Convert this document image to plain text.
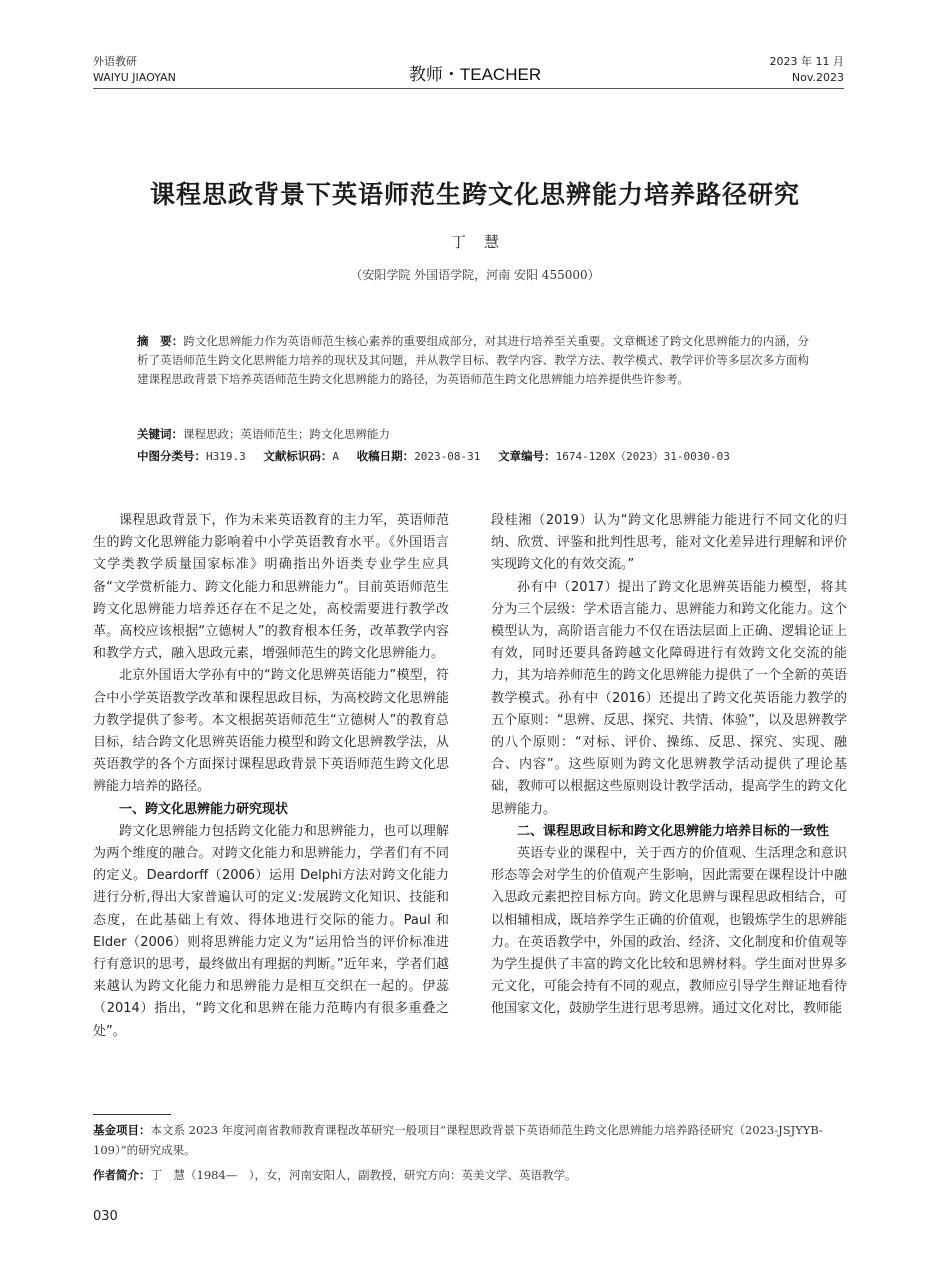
外语教研
WAIYU JIAOYAN	教师・TEACHER
2023 年 11 月
Nov.2023
课程思政背景下英语师范生跨文化思辨能力培养路径研究
丁慧
（安阳学院 外国语学院，河南 安阳 455000）
摘　要：跨文化思辨能力作为英语师范生核心素养的重要组成部分，对其进行培养至关重要。文章概述了跨文化思辨能力的内涵，分析了英语师范生跨文化思辨能力培养的现状及其问题，并从教学目标、教学内容、教学方法、教学模式、教学评价等多层次多方面构建课程思政背景下培养英语师范生跨文化思辨能力的路径，为英语师范生跨文化思辨能力培养提供些许参考。
关键词：课程思政；英语师范生；跨文化思辨能力
中图分类号：H319.3 文献标识码：A 收稿日期：2023-08-31 文章编号：1674-120X（2023）31-0030-03

课程思政背景下，作为未来英语教育的主力军，英语师范生的跨文化思辨能力影响着中小学英语教育水平。《外国语言文学类教学质量国家标准》明确指出外语类专业学生应具备“文学赏析能力、跨文化能力和思辨能力”。目前英语师范生跨文化思辨能力培养还存在不足之处，高校需要进行教学改革。高校应该根据“立德树人”的教育根本任务，改革教学内容和教学方式，融入思政元素，增强师范生的跨文化思辨能力。

北京外国语大学孙有中的“跨文化思辨英语能力”模型，符合中小学英语教学改革和课程思政目标，为高校跨文化思辨能力教学提供了参考。本文根据英语师范生“立德树人”的教育总目标，结合跨文化思辨英语能力模型和跨文化思辨教学法，从英语教学的各个方面探讨课程思政背景下英语师范生跨文化思辨能力培养的路径。

一、跨文化思辨能力研究现状

跨文化思辨能力包括跨文化能力和思辨能力，也可以理解为两个维度的融合。对跨文化能力和思辨能力，学者们有不同的定义。Deardorff（2006）运用 Delphi方法对跨文化能力进行分析,得出大家普遍认可的定义:发展跨文化知识、技能和态度，在此基础上有效、得体地进行交际的能力。Paul 和 Elder（2006）则将思辨能力定义为“运用恰当的评价标准进行有意识的思考，最终做出有理据的判断。”近年来，学者们越来越认为跨文化能力和思辨能力是相互交织在一起的。伊蕊（2014）指出，“跨文化和思辨在能力范畴内有很多重叠之处”。

段桂湘（2019）认为“跨文化思辨能力能进行不同文化的归纳、欣赏、评鉴和批判性思考，能对文化差异进行理解和评价实现跨文化的有效交流。”

孙有中（2017）提出了跨文化思辨英语能力模型，将其分为三个层级：学术语言能力、思辨能力和跨文化能力。这个模型认为，高阶语言能力不仅在语法层面上正确、逻辑论证上有效，同时还要具备跨越文化障碍进行有效跨文化交流的能力，其为培养师范生的跨文化思辨能力提供了一个全新的英语教学模式。孙有中（2016）还提出了跨文化英语能力教学的五个原则：“思辨、反思、探究、共情、体验”，以及思辨教学的八个原则：“对标、评价、操练、反思、探究、实现、融合、内容”。这些原则为跨文化思辨教学活动提供了理论基础，教师可以根据这些原则设计教学活动，提高学生的跨文化思辨能力。

二、课程思政目标和跨文化思辨能力培养目标的一致性

英语专业的课程中，关于西方的价值观、生活理念和意识形态等会对学生的价值观产生影响，因此需要在课程设计中融入思政元素把控目标方向。跨文化思辨与课程思政相结合，可以相辅相成，既培养学生正确的价值观，也锻炼学生的思辨能力。在英语教学中，外国的政治、经济、文化制度和价值观等为学生提供了丰富的跨文化比较和思辨材料。学生面对世界多元文化，可能会持有不同的观点，教师应引导学生辩证地看待他国家文化，鼓励学生进行思考思辨。通过文化对比，教师能

基金项目：本文系 2023 年度河南省教师教育课程改革研究一般项目“课程思政背景下英语师范生跨文化思辨能力培养路径研究（2023-JSJYYB-109）”的研究成果。
作者简介：丁　慧（1984—　），女，河南安阳人，副教授，研究方向：英美文学、英语教学。
030
